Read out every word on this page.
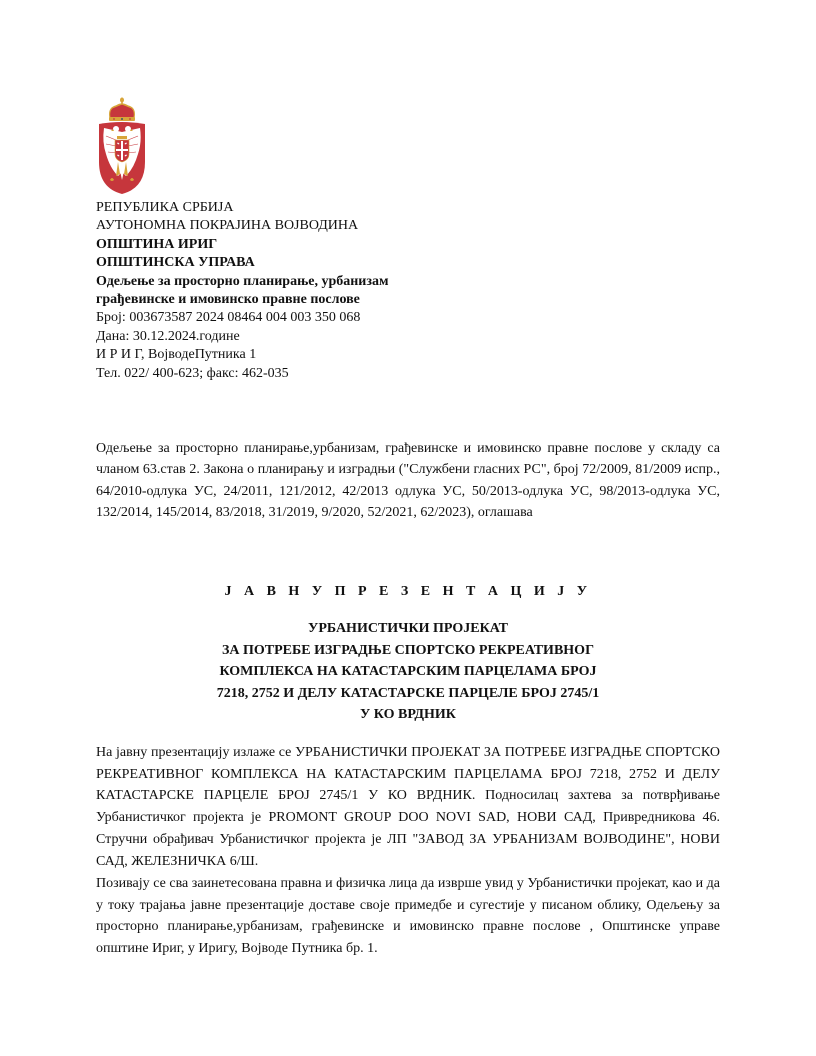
РЕПУБЛИКА СРБИЈА
АУТОНОМНА ПОКРАЈИНА ВОЈВОДИНА
ОПШТИНА ИРИГ
ОПШТИНСКА УПРАВА
Одељење за просторно планирање, урбанизам
грађевинске и имовинско правне послове
Број: 003673587 2024 08464 004 003 350 068
Дана: 30.12.2024.године
И Р И Г, ВојводеПутника 1
Тел. 022/ 400-623; факс: 462-035
Одељење за просторно планирање,урбанизам, грађевинске и имовинско правне послове у складу са чланом 63.став 2. Закона о планирању и изградњи ("Службени гласних РС", број 72/2009, 81/2009 испр., 64/2010-одлука УС, 24/2011, 121/2012, 42/2013 одлука УС, 50/2013-одлука УС, 98/2013-одлука УС, 132/2014, 145/2014, 83/2018, 31/2019, 9/2020, 52/2021, 62/2023), оглашава
Ј А В Н У П Р Е З Е Н Т А Ц И Ј У
УРБАНИСТИЧКИ ПРОЈЕКАТ
ЗА ПОТРЕБЕ ИЗГРАДЊЕ СПОРТСКО РЕКРЕАТИВНОГ
КОМПЛЕКСА НА КАТАСТАРСКИМ ПАРЦЕЛАМА БРОЈ
7218, 2752 И ДЕЛУ КАТАСТАРСКЕ ПАРЦЕЛЕ БРОЈ 2745/1
У КО ВРДНИК
На јавну презентацију излаже се УРБАНИСТИЧКИ ПРОЈЕКАТ ЗА ПОТРЕБЕ ИЗГРАДЊЕ СПОРТСКО РЕКРЕАТИВНОГ КОМПЛЕКСА НА КАТАСТАРСКИМ ПАРЦЕЛАМА БРОЈ 7218, 2752 И ДЕЛУ КАТАСТАРСКЕ ПАРЦЕЛЕ БРОЈ 2745/1 У КО ВРДНИК. Подносилац захтева за потврђивање Урбанистичког пројекта је PROMONT GROUP DOO NOVI SAD, НОВИ САД, Привредникова 46. Стручни обрађивач Урбанистичког пројекта је ЛП "ЗАВОД ЗА УРБАНИЗАМ ВОЈВОДИНЕ", НОВИ САД, ЖЕЛЕЗНИЧКА 6/Ш.
Позивају се сва заинетесована правна и физичка лица да изврше увид у Урбанистички пројекат, као и да у току трајања јавне презентације доставе своје примедбе и сугестије у писаном облику, Одељењу за просторно планирање,урбанизам, грађевинске и имовинско правне послове , Општинске управе општине Ириг, у Иригу, Војводе Путника бр. 1.
